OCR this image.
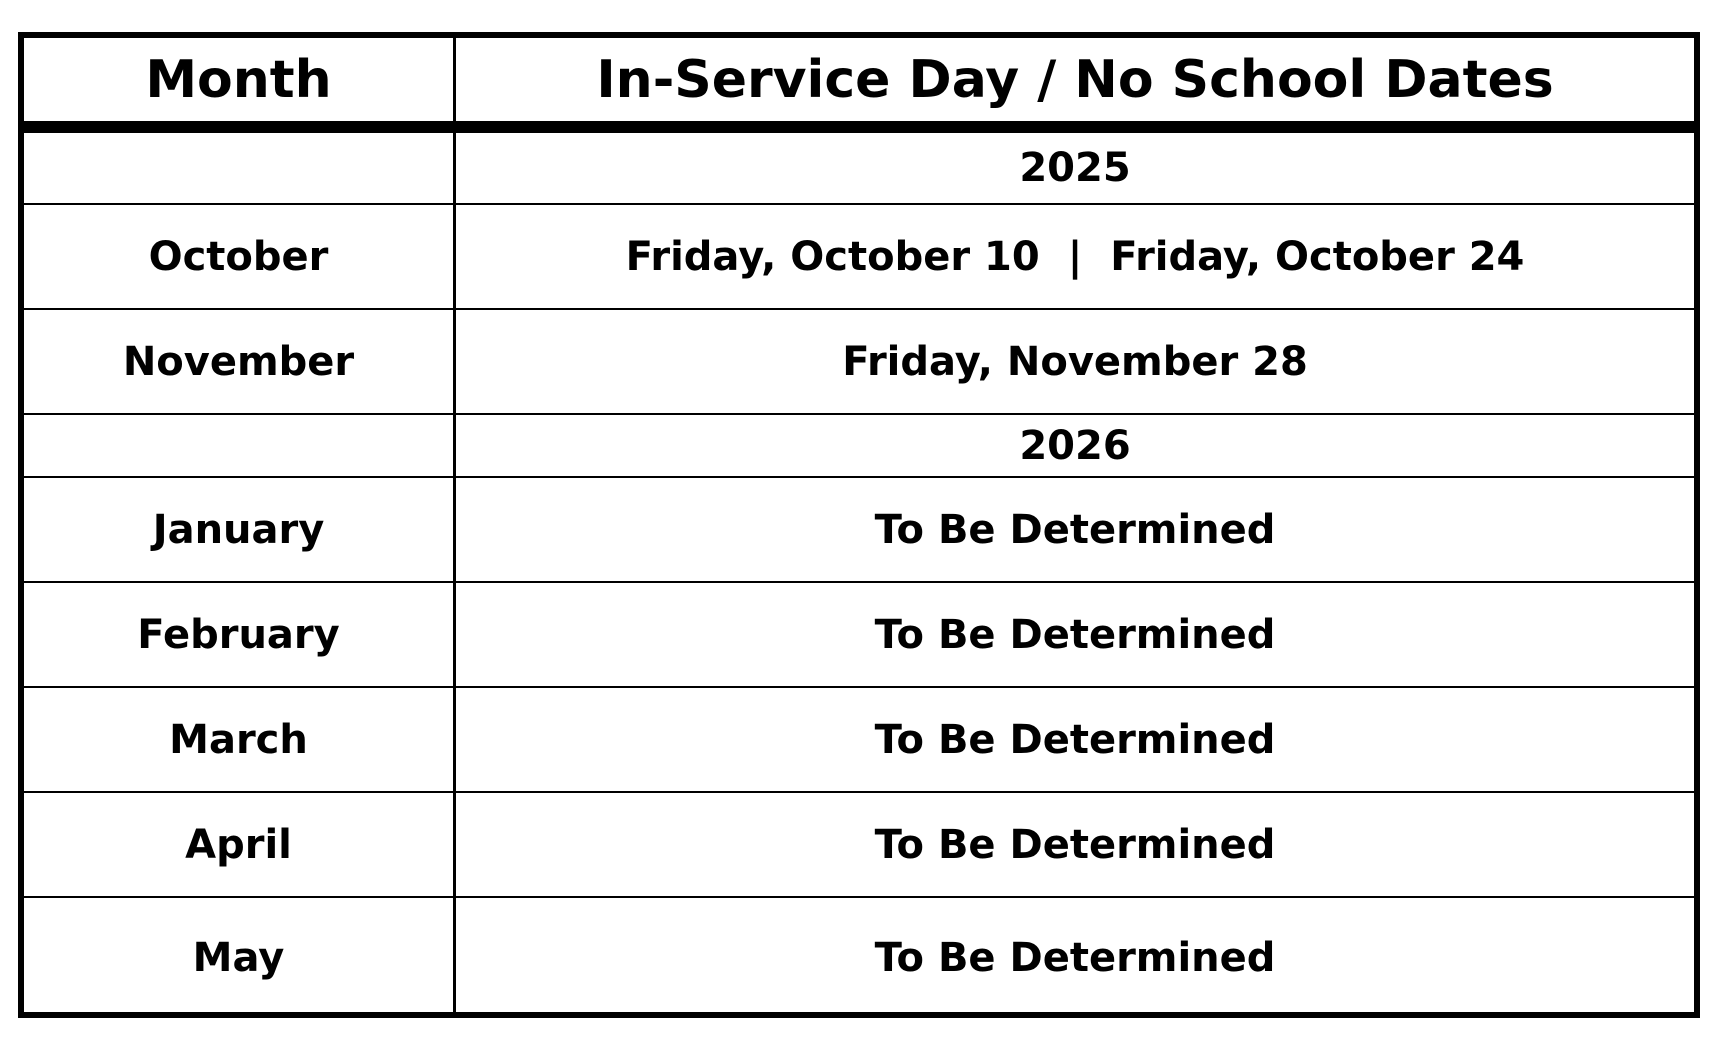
Month	In-Service Day / No School Dates
2025
October	Friday, October 10 | Friday, October 24
November	Friday, November 28
2026
January	To Be Determined
February	To Be Determined
March	To Be Determined
April	To Be Determined
May	To Be Determined
